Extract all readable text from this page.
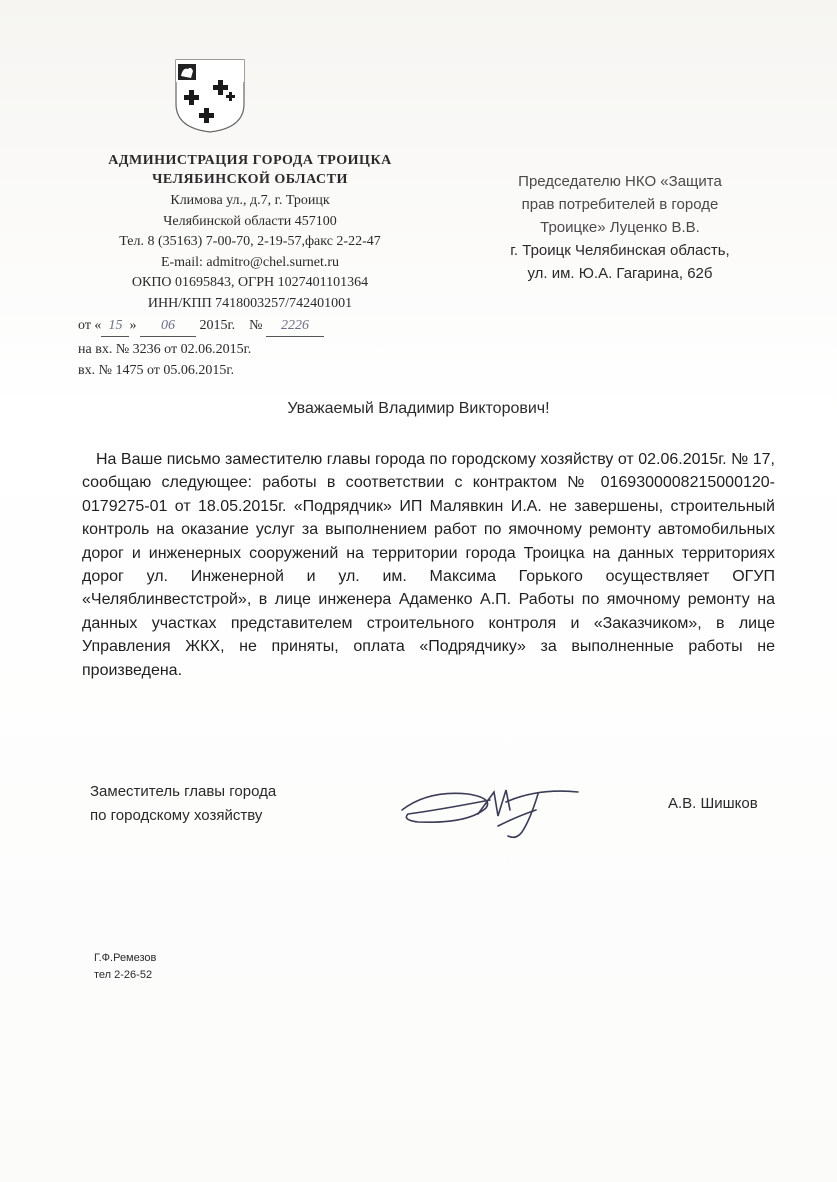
АДМИНИСТРАЦИЯ ГОРОДА ТРОИЦКА
ЧЕЛЯБИНСКОЙ ОБЛАСТИ
Климова ул., д.7, г. Троицк
Челябинской области 457100
Тел. 8 (35163) 7-00-70, 2-19-57,факс 2-22-47
E-mail: admitro@chel.surnet.ru
ОКПО 01695843, ОГРН 1027401101364
ИНН/КПП 7418003257/742401001
от « 15 » 06 2015г. № 2226
на вх. № 3236 от 02.06.2015г.
вх. № 1475 от 05.06.2015г.
Председателю НКО «Защита
прав потребителей в городе
Троицке» Луценко В.В.
г. Троицк Челябинская область,
ул. им. Ю.А. Гагарина, 62б
Уважаемый Владимир Викторович!

На Ваше письмо заместителю главы города по городскому хозяйству от 02.06.2015г. № 17, сообщаю следующее: работы в соответствии с контрактом № 0169300008215000120-0179275-01 от 18.05.2015г. «Подрядчик» ИП Малявкин И.А. не завершены, строительный контроль на оказание услуг за выполнением работ по ямочному ремонту автомобильных дорог и инженерных сооружений на территории города Троицка на данных территориях дорог ул. Инженерной и ул. им. Максима Горького осуществляет ОГУП «Челяблинвестстрой», в лице инженера Адаменко А.П. Работы по ямочному ремонту на данных участках представителем строительного контроля и «Заказчиком», в лице Управления ЖКХ, не приняты, оплата «Подрядчику» за выполненные работы не произведена.

Заместитель главы города
по городскому хозяйству
А.В. Шишков
Г.Ф.Ремезов
тел 2-26-52
